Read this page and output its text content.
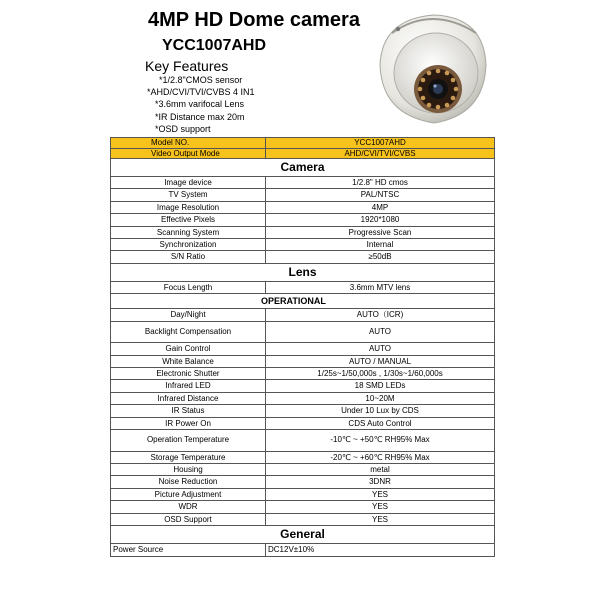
4MP HD Dome camera
YCC1007AHD
Key Features
*1/2.8"CMOS sensor
*AHD/CVI/TVI/CVBS 4 IN1
*3.6mm varifocal Lens
*IR Distance max 20m
*OSD support
Model NO.	YCC1007AHD
Video Output Mode	AHD/CVI/TVI/CVBS
Camera	
Image device	1/2.8" HD cmos
TV System	PAL/NTSC
Image Resolution	4MP
Effective Pixels	1920*1080
Scanning System	Progressive Scan
Synchronization	Internal
S/N Ratio	≥50dB
Lens	
Focus Length	3.6mm MTV lens
OPERATIONAL	
Day/Night	AUTO（ICR)
Backlight Compensation	AUTO
Gain Control	AUTO
White Balance	AUTO / MANUAL
Electronic Shutter	1/25s~1/50,000s , 1/30s~1/60,000s
Infrared LED	18 SMD LEDs
Infrared Distance	10~20M
IR Status	Under 10 Lux by CDS
IR Power On	CDS Auto Control
Operation Temperature	-10℃ ~ +50℃ RH95% Max
Storage Temperature	-20℃ ~ +60℃ RH95% Max
Housing	metal
Noise Reduction	3DNR
Picture Adjustment	YES
WDR	YES
OSD Support	YES
General	
Power Source	DC12V±10%
